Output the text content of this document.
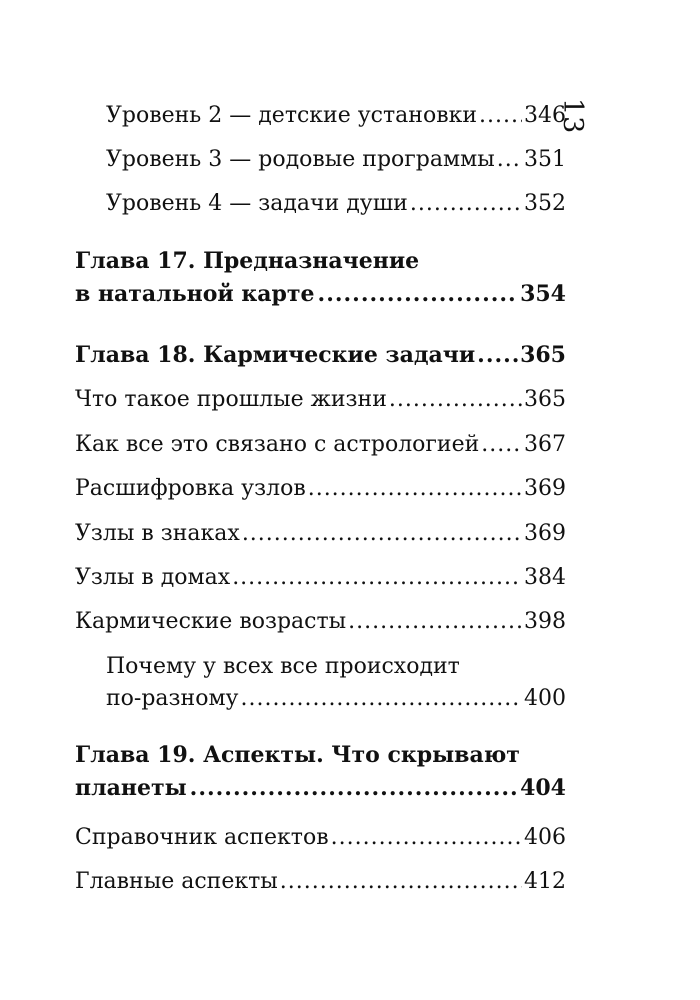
13
Уровень 2 — детские установки ..... 346
Уровень 3 — родовые программы ..... 351
Уровень 4 — задачи души .....	352
Глава 17. Предназначение
в натальной карте .....	354
Глава 18. Кармические задачи ..... 365
Что такое прошлые жизни .....	365
Как все это связано с астрологией ..... 367
Расшифровка узлов .....	369
Узлы в знаках .....	369
Узлы в домах .....	384
Кармические возрасты .....	398
Почему у всех все происходит
по-разному .....	400
Глава 19. Аспекты. Что скрывают
планеты .....	404
Справочник аспектов .....	406
Главные аспекты .....	412
